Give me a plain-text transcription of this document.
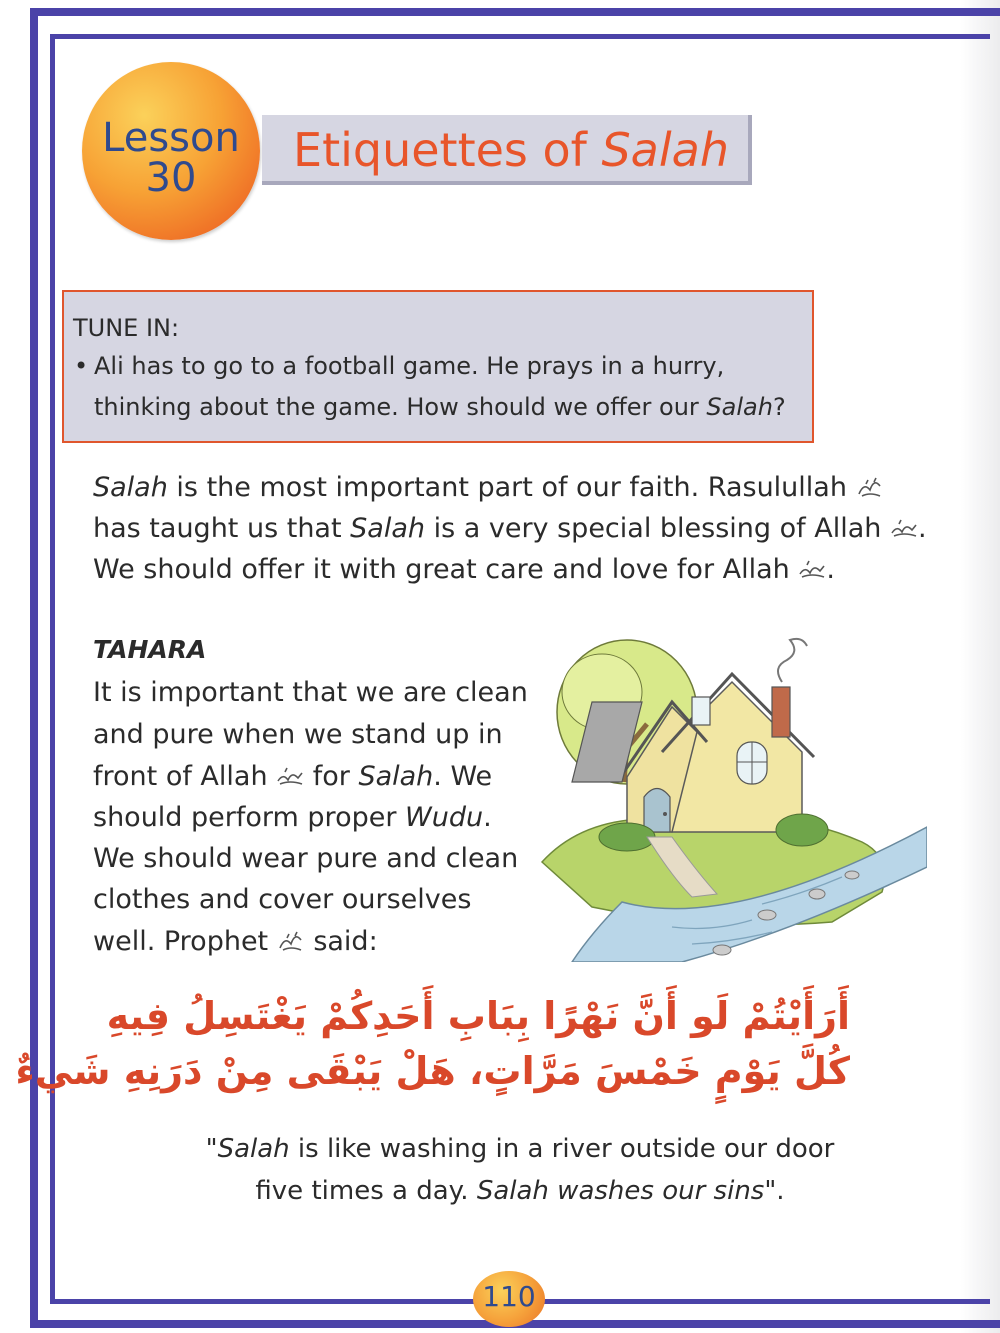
Lesson
30
Etiquettes of Salah
TUNE IN:
• Ali has to go to a football game. He prays in a hurry,
thinking about the game. How should we offer our Salah?
Salah is the most important part of our faith. Rasulullah
has taught us that Salah is a very special blessing of Allah .
We should offer it with great care and love for Allah .
TAHARA
It is important that we are clean
and pure when we stand up in
front of Allah  for Salah. We
should perform proper Wudu.
We should wear pure and clean
clothes and cover ourselves
well. Prophet  said:
أَرَأَيْتُمْ لَو أَنَّ نَهْرًا بِبَابِ أَحَدِكُمْ يَغْتَسِلُ فِيهِ
كُلَّ يَوْمٍ خَمْسَ مَرَّاتٍ، هَلْ يَبْقَى مِنْ دَرَنِهِ شَيءٌ
"Salah is like washing in a river outside our door
five times a day. Salah washes our sins".
110
